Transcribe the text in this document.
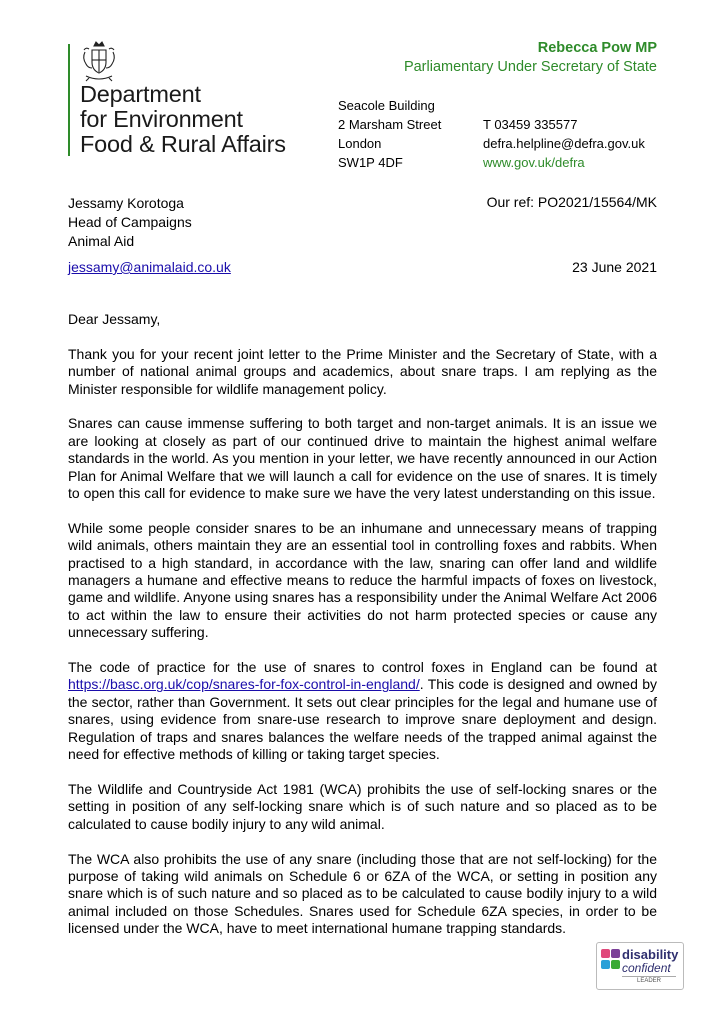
Department
for Environment
Food & Rural Affairs
Rebecca Pow MP
Parliamentary Under Secretary of State
Seacole Building
2 Marsham Street
London
SW1P 4DF
T 03459 335577
defra.helpline@defra.gov.uk
www.gov.uk/defra
Jessamy Korotoga
Head of Campaigns
Animal Aid
Our ref: PO2021/15564/MK
jessamy@animalaid.co.uk	23 June 2021

Dear Jessamy,

Thank you for your recent joint letter to the Prime Minister and the Secretary of State, with a number of national animal groups and academics, about snare traps. I am replying as the Minister responsible for wildlife management policy.

Snares can cause immense suffering to both target and non-target animals. It is an issue we are looking at closely as part of our continued drive to maintain the highest animal welfare standards in the world. As you mention in your letter, we have recently announced in our Action Plan for Animal Welfare that we will launch a call for evidence on the use of snares. It is timely to open this call for evidence to make sure we have the very latest understanding on this issue.

While some people consider snares to be an inhumane and unnecessary means of trapping wild animals, others maintain they are an essential tool in controlling foxes and rabbits. When practised to a high standard, in accordance with the law, snaring can offer land and wildlife managers a humane and effective means to reduce the harmful impacts of foxes on livestock, game and wildlife. Anyone using snares has a responsibility under the Animal Welfare Act 2006 to act within the law to ensure their activities do not harm protected species or cause any unnecessary suffering.

The code of practice for the use of snares to control foxes in England can be found at https://basc.org.uk/cop/snares-for-fox-control-in-england/. This code is designed and owned by the sector, rather than Government. It sets out clear principles for the legal and humane use of snares, using evidence from snare-use research to improve snare deployment and design. Regulation of traps and snares balances the welfare needs of the trapped animal against the need for effective methods of killing or taking target species.

The Wildlife and Countryside Act 1981 (WCA) prohibits the use of self-locking snares or the setting in position of any self-locking snare which is of such nature and so placed as to be calculated to cause bodily injury to any wild animal.

The WCA also prohibits the use of any snare (including those that are not self-locking) for the purpose of taking wild animals on Schedule 6 or 6ZA of the WCA, or setting in position any snare which is of such nature and so placed as to be calculated to cause bodily injury to a wild animal included on those Schedules. Snares used for Schedule 6ZA species, in order to be licensed under the WCA, have to meet international humane trapping standards.

disability
confident
LEADER
